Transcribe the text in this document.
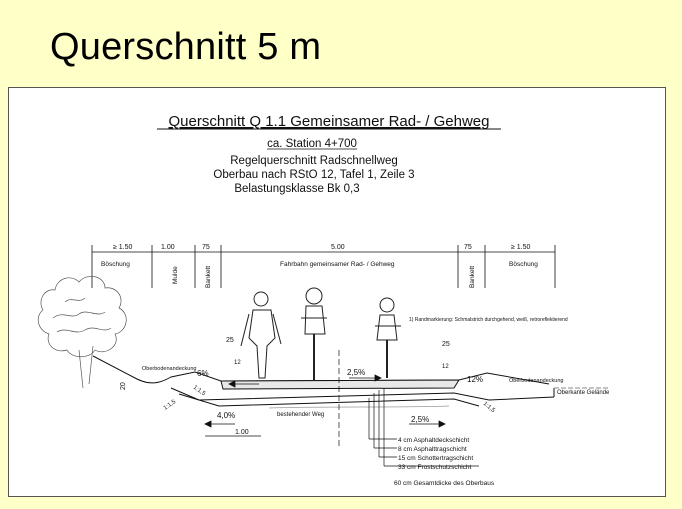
Querschnitt 5 m
Querschnitt Q 1.1 Gemeinsamer Rad- / Gehweg
ca. Station 4+700
Regelquerschnitt Radschnellweg
Oberbau nach RStO 12, Tafel 1, Zeile 3
Belastungsklasse Bk 0,3
≥ 1.50	1.00	75	5.00	75	≥ 1.50
Böschung
Mulde	Bankett
Fahrbahn gemeinsamer Rad- / Gehweg
Bankett
Böschung
Oberbodenandeckung
Oberbodenandeckung
Oberkante Gelände
bestehender Weg
6%	2,5%
12%
4,0%	2,5%
1.00
25
12
25
12
20
1:1,5
1:1,5
1:1,5
1) Randmarkierung: Schmalstrich durchgehend, weiß, retroreflektierend
4 cm Asphaltdeckschicht
8 cm Asphalttragschicht
15 cm Schottertragschicht
33 cm Frostschutzschicht
60 cm Gesamtdicke des Oberbaus
